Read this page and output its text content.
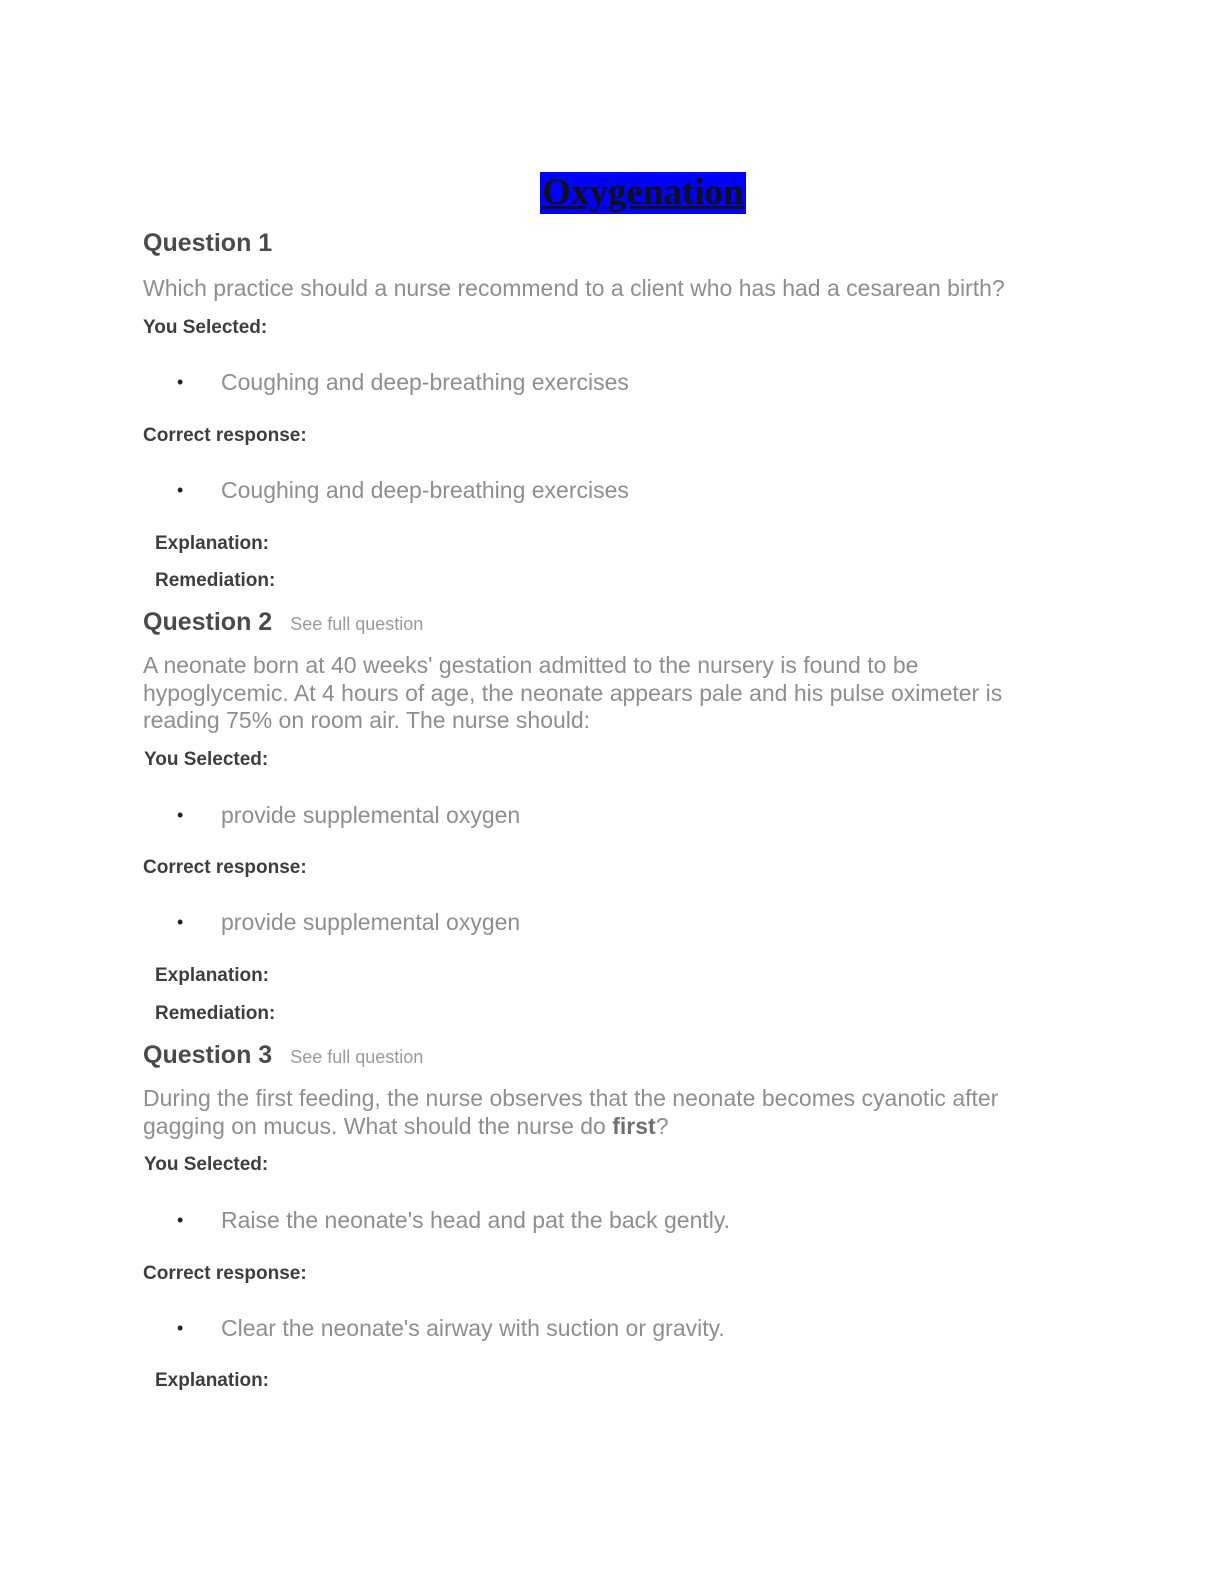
Oxygenation
Question 1

Which practice should a nurse recommend to a client who has had a cesarean birth?

You Selected:
• Coughing and deep-breathing exercises
Correct response:
• Coughing and deep-breathing exercises
Explanation:
Remediation:
Question 2 See full question

A neonate born at 40 weeks' gestation admitted to the nursery is found to be hypoglycemic. At 4 hours of age, the neonate appears pale and his pulse oximeter is reading 75% on room air. The nurse should:

You Selected:
• provide supplemental oxygen
Correct response:
• provide supplemental oxygen
Explanation:
Remediation:
Question 3 See full question

During the first feeding, the nurse observes that the neonate becomes cyanotic after gagging on mucus. What should the nurse do first?

You Selected:
• Raise the neonate's head and pat the back gently.
Correct response:
• Clear the neonate's airway with suction or gravity.
Explanation:
